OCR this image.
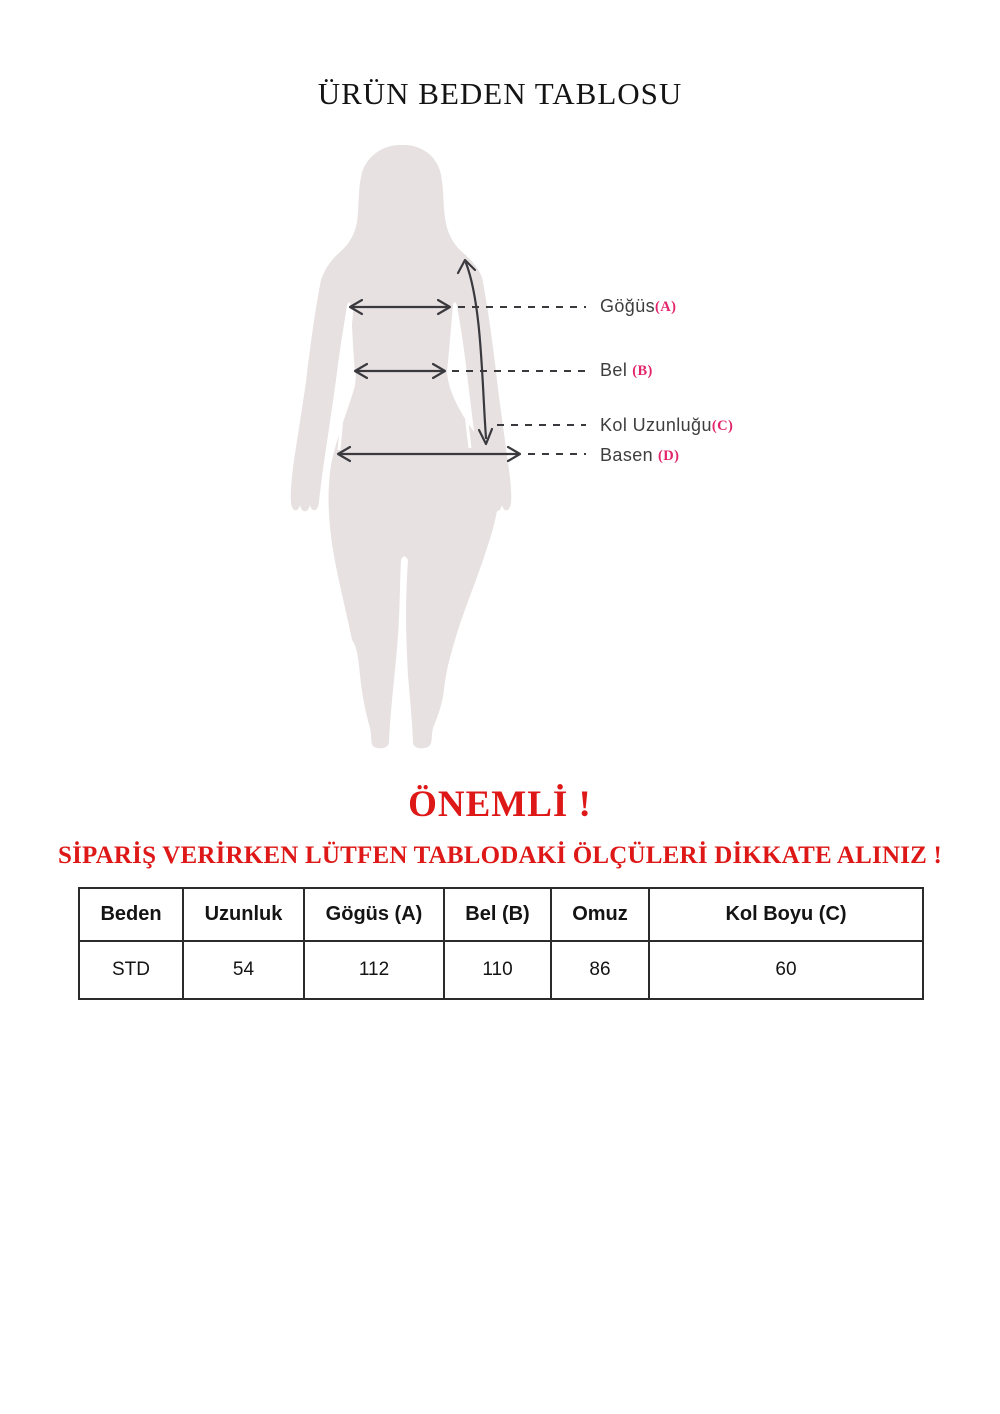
ÜRÜN BEDEN TABLOSU
Göğüs(A)
Bel (B)
Kol Uzunluğu(C)
Basen (D)
ÖNEMLİ !

SİPARİŞ VERİRKEN LÜTFEN TABLODAKİ ÖLÇÜLERİ DİKKATE ALINIZ !

Beden	Uzunluk	Gögüs (A)	Bel (B)	Omuz	Kol Boyu (C)
STD	54	112	110	86	60
